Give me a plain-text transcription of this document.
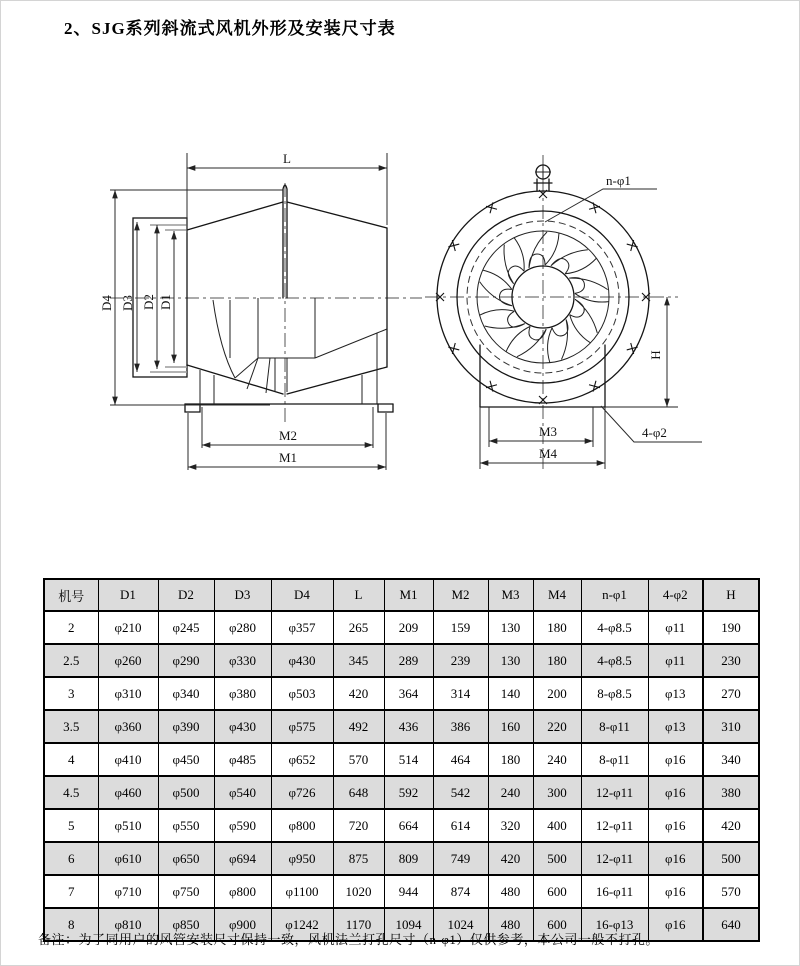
2、SJG系列斜流式风机外形及安装尺寸表
L
D4 D3 D2 D1
M2
M1
n-φ1
4-φ2
H
M3
M4
机号	D1	D2	D3	D4	L	M1	M2	M3	M4	n-φ1	4-φ2	H
2	φ210	φ245	φ280	φ357	265	209	159	130	180	4-φ8.5	φ11	190
2.5	φ260	φ290	φ330	φ430	345	289	239	130	180	4-φ8.5	φ11	230
3	φ310	φ340	φ380	φ503	420	364	314	140	200	8-φ8.5	φ13	270
3.5	φ360	φ390	φ430	φ575	492	436	386	160	220	8-φ11	φ13	310
4	φ410	φ450	φ485	φ652	570	514	464	180	240	8-φ11	φ16	340
4.5	φ460	φ500	φ540	φ726	648	592	542	240	300	12-φ11	φ16	380
5	φ510	φ550	φ590	φ800	720	664	614	320	400	12-φ11	φ16	420
6	φ610	φ650	φ694	φ950	875	809	749	420	500	12-φ11	φ16	500
7	φ710	φ750	φ800	φ1100	1020	944	874	480	600	16-φ11	φ16	570
8	φ810	φ850	φ900	φ1242	1170	1094	1024	480	600	16-φ13	φ16	640
备注：为了同用户的风管安装尺寸保持一致，风机法兰打孔尺寸（n-φ1）仅供参考，本公司一般不打孔。
